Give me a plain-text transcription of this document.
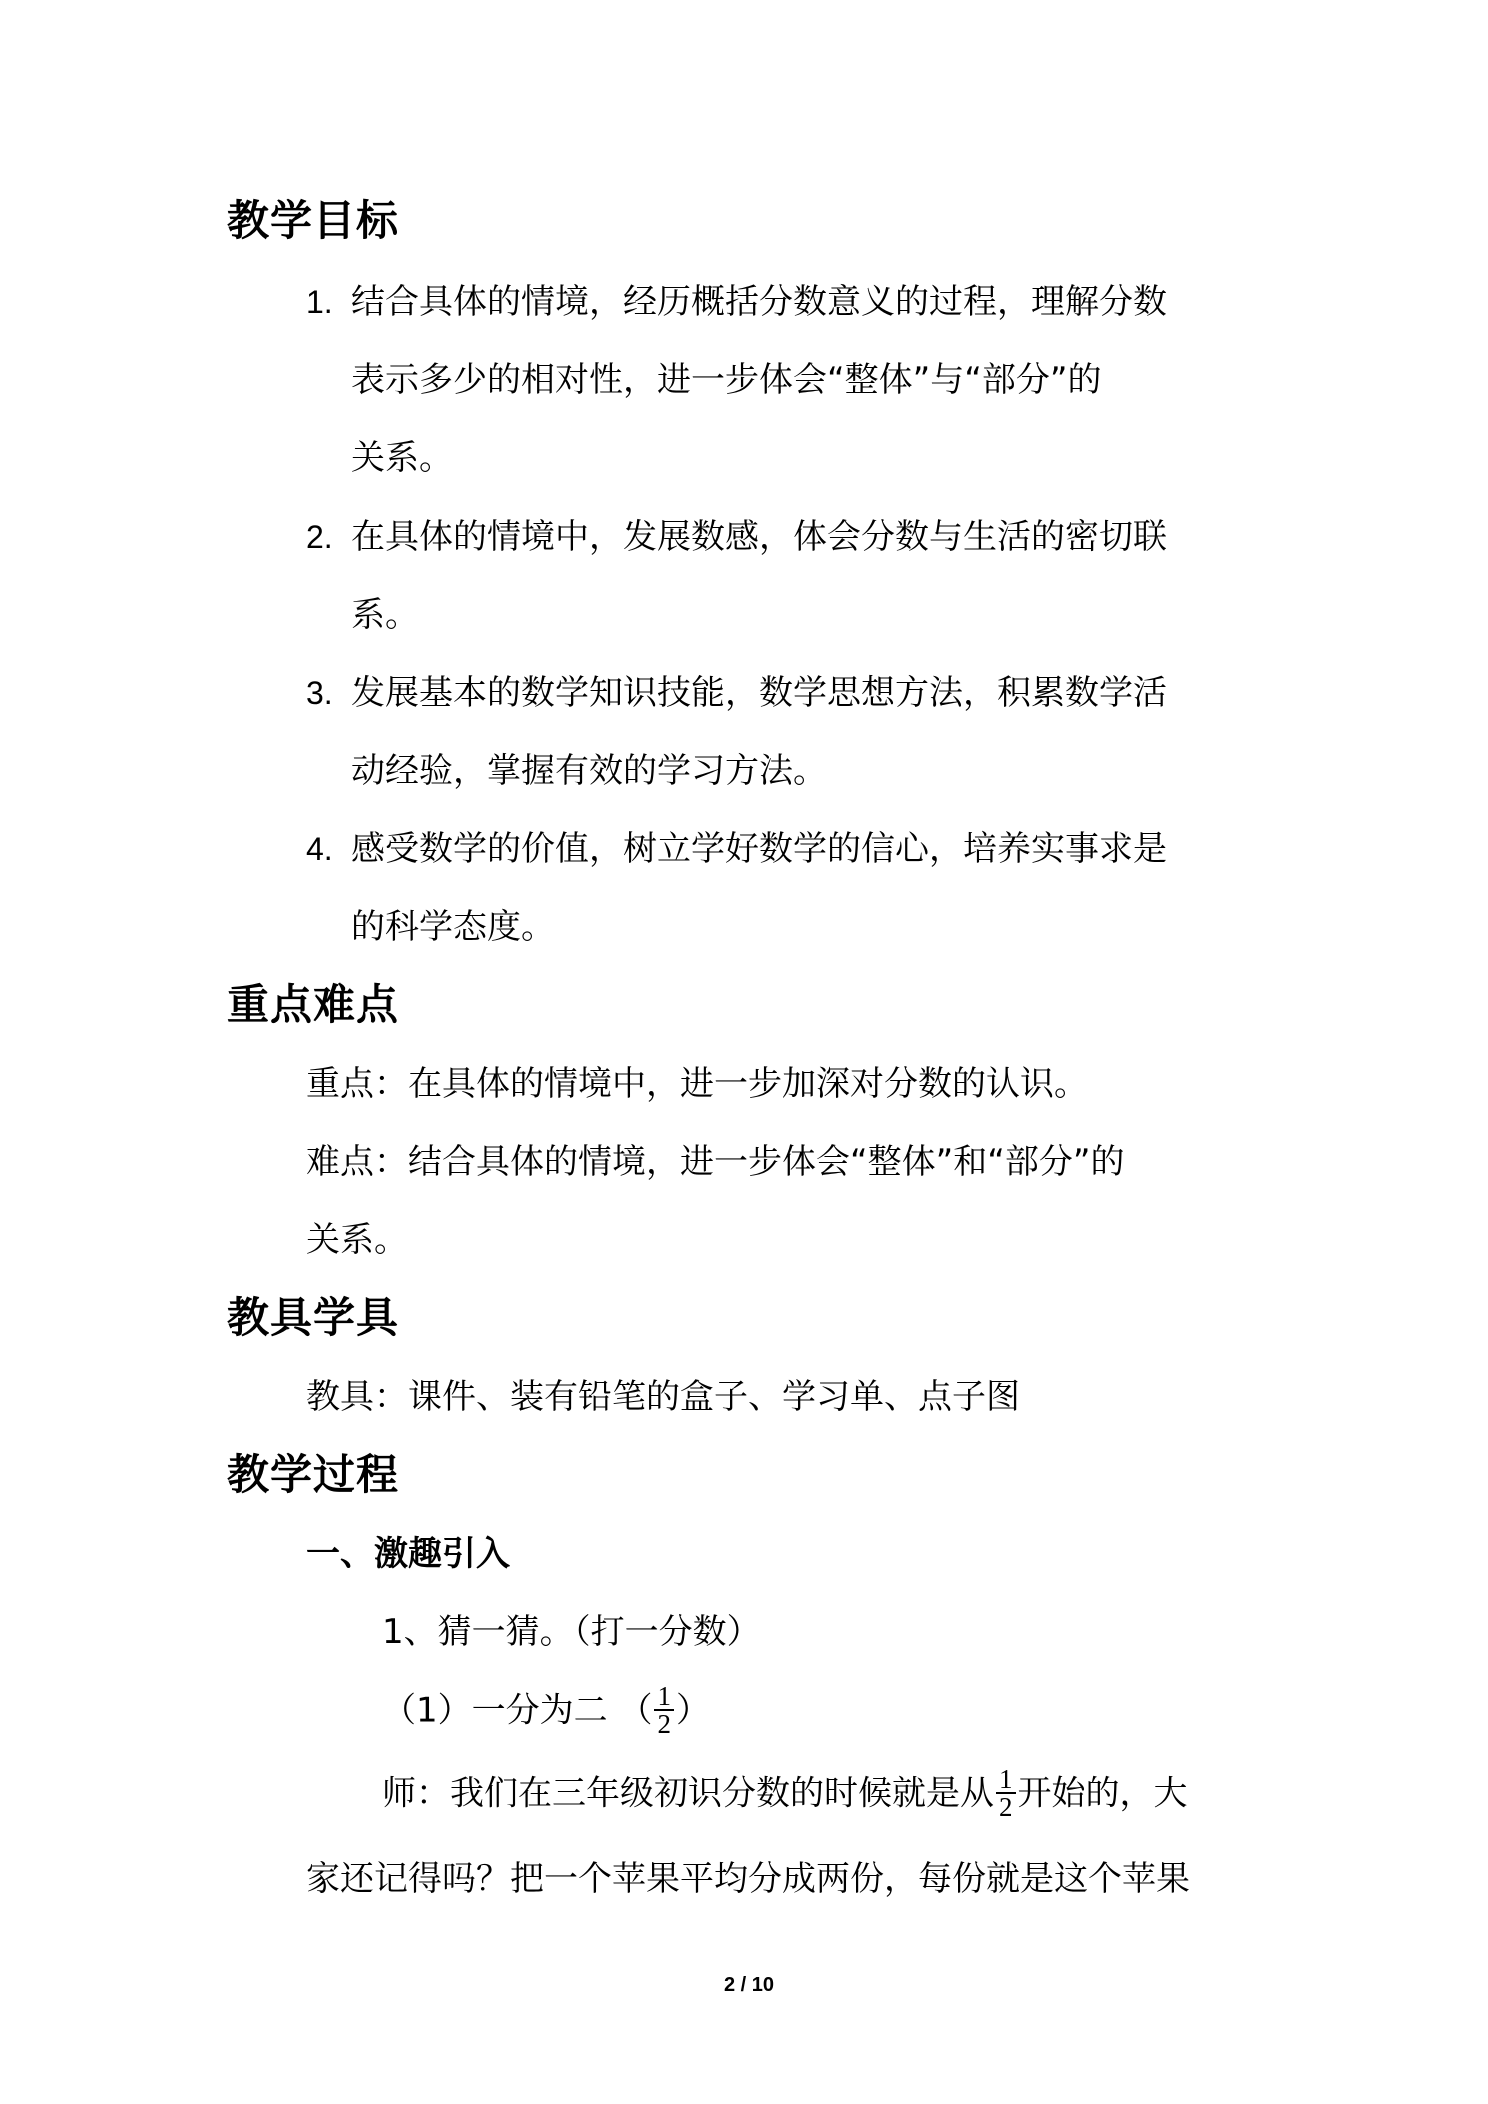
教学目标
1. 结合具体的情境，经历概括分数意义的过程，理解分数
表示多少的相对性，进一步体会“整体”与“部分”的
关系。
2. 在具体的情境中，发展数感，体会分数与生活的密切联
系。
3. 发展基本的数学知识技能，数学思想方法，积累数学活
动经验，掌握有效的学习方法。
4. 感受数学的价值，树立学好数学的信心，培养实事求是
的科学态度。
重点难点
重点：在具体的情境中，进一步加深对分数的认识。
难点：结合具体的情境，进一步体会“整体”和“部分”的
关系。
教具学具
教具：课件、装有铅笔的盒子、学习单、点子图
教学过程
一、激趣引入
1、猜一猜。（打一分数）
（1）一分为二 （ $\frac{1}{2}$ ）
师：我们在三年级初识分数的时候就是从 $\frac{1}{2}$ 开始的，大
家还记得吗？把一个苹果平均分成两份，每份就是这个苹果
2 / 10
